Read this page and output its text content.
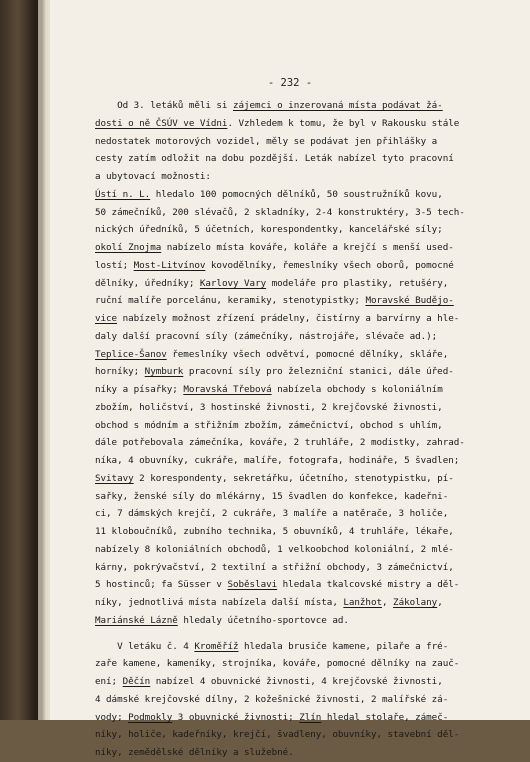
- 232 -
Od 3. letáků měli si zájemci o inzerovaná místa podávat žá-
dosti o ně ČSÚV ve Vídni. Vzhledem k tomu, že byl v Rakousku stále
nedostatek motorových vozidel, měly se podávat jen přihlášky a
cesty zatím odložit na dobu pozdější. Leták nabízel tyto pracovní
a ubytovací možnosti:
Ústí n. L. hledalo 100 pomocných dělníků, 50 soustružníků kovu,
50 zámečníků, 200 slévačů, 2 skladníky, 2-4 konstruktéry, 3-5 tech-
nických úředníků, 5 účetních, korespondentky, kancelářské síly;
okolí Znojma nabízelo místa kováře, koláře a krejčí s menší used-
lostí; Most-Litvínov kovodělníky, řemeslníky všech oborů, pomocné
dělníky, úředníky; Karlovy Vary modeláře pro plastiky, retušéry,
ruční malíře porcelánu, keramiky, stenotypistky; Moravské Budějo-
vice nabízely možnost zřízení prádelny, čistírny a barvírny a hle-
daly další pracovní síly (zámečníky, nástrojáře, slévače ad.);
Teplice-Šanov řemeslníky všech odvětví, pomocné dělníky, skláře,
horníky; Nymburk pracovní síly pro železniční stanici, dále úřed-
níky a písařky; Moravská Třebová nabízela obchody s koloniálním
zbožím, holičství, 3 hostinské živnosti, 2 krejčovské živnosti,
obchod s módním a střižním zbožím, zámečnictví, obchod s uhlím,
dále potřebovala zámečníka, kováře, 2 truhláře, 2 modistky, zahrad-
níka, 4 obuvníky, cukráře, malíře, fotografa, hodináře, 5 švadlen;
Svitavy 2 korespondenty, sekretářku, účetního, stenotypistku, pí-
sařky, ženské síly do mlékárny, 15 švadlen do konfekce, kadeřni-
ci, 7 dámských krejčí, 2 cukráře, 3 malíře a natěrače, 3 holiče,
11 kloboučníků, zubního technika, 5 obuvníků, 4 truhláře, lékaře,
nabízely 8 koloniálních obchodů, 1 velkoobchod koloniální, 2 mlé-
kárny, pokrývačství, 2 textilní a střižní obchody, 3 zámečnictví,
5 hostinců; fa Süsser v Soběslavi hledala tkalcovské mistry a děl-
níky, jednotlivá místa nabízela další místa, Lanžhot, Zákolany,
Mariánské Lázně hledaly účetního-sportovce ad.
V letáku č. 4 Kroměříž hledala brusiče kamene, pilaře a fré-
zaře kamene, kameníky, strojníka, kováře, pomocné dělníky na zauč-
ení; Děčín nabízel 4 obuvnické živnosti, 4 krejčovské živnosti,
4 dámské krejčovské dílny, 2 kožešnické živnosti, 2 malířské zá-
vody; Podmokly 3 obuvnické živnosti; Zlín hledal stolaře, zámeč-
níky, holiče, kadeřníky, krejčí, švadleny, obuvníky, stavební děl-
níky, zemědělské dělníky a služebné.
